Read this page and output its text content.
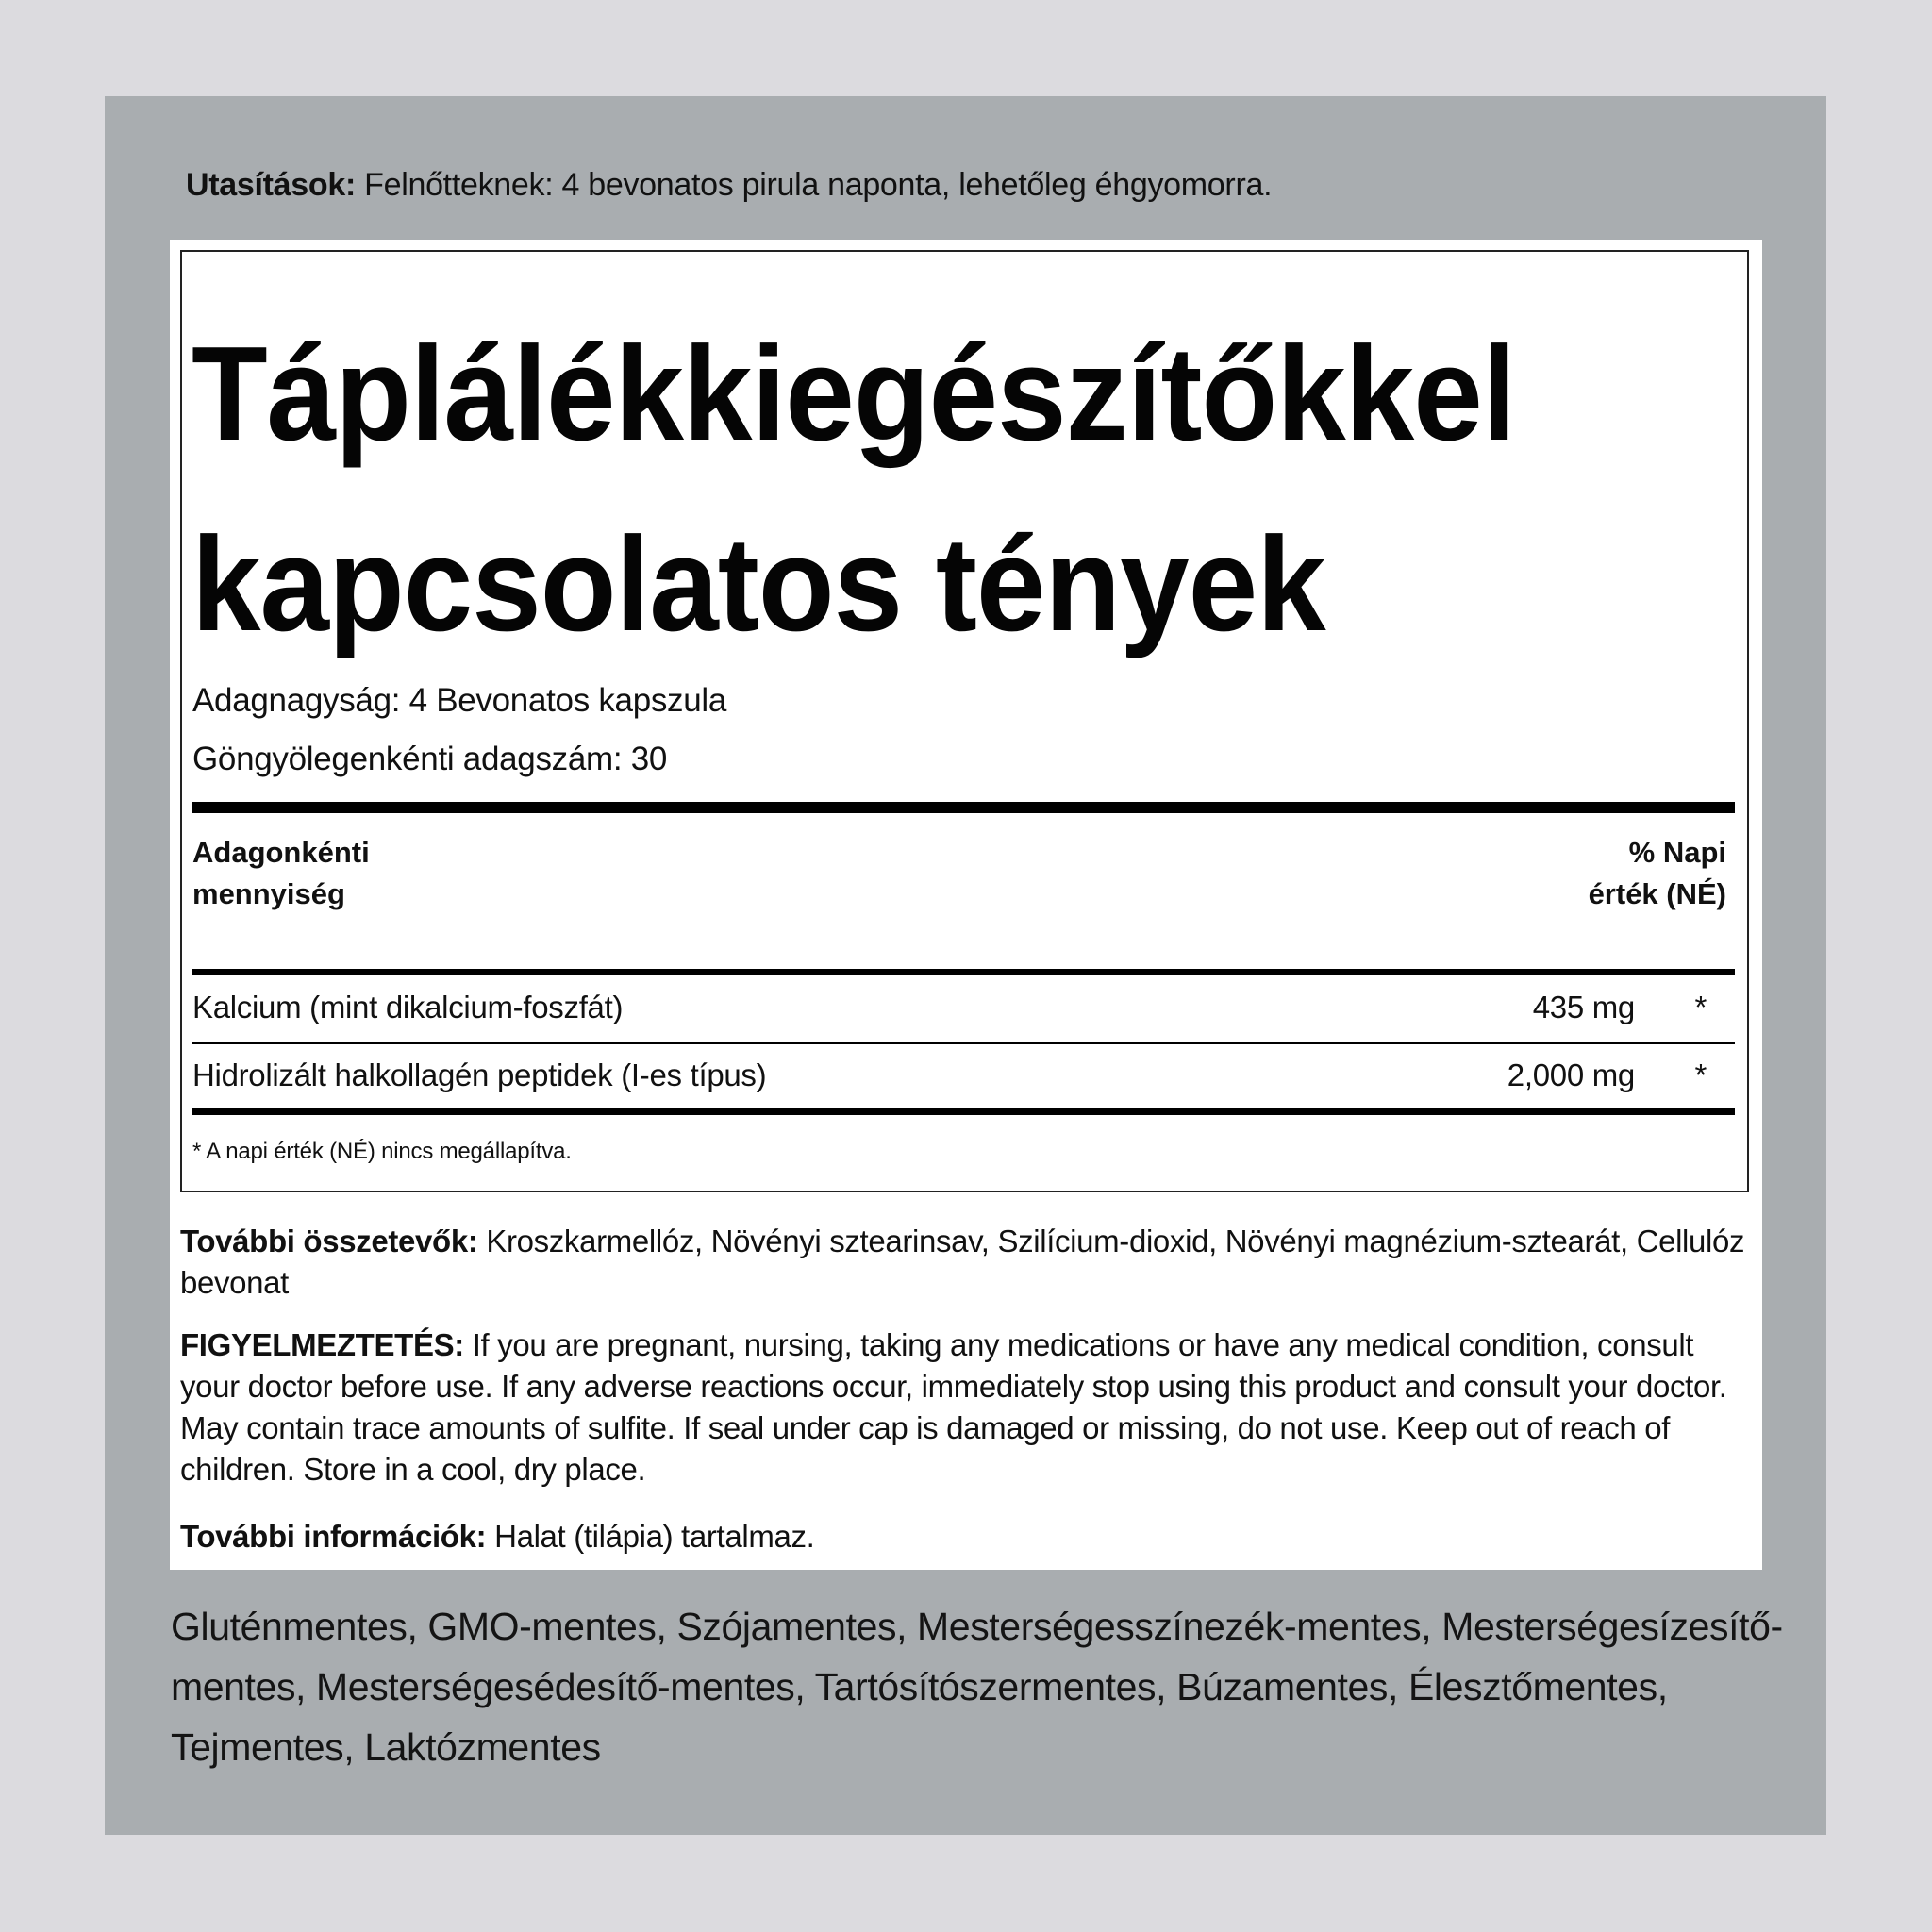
Utasítások: Felnőtteknek: 4 bevonatos pirula naponta, lehetőleg éhgyomorra.
Táplálékkiegészítőkkel
kapcsolatos tények
Adagnagyság: 4 Bevonatos kapszula
Göngyölegenkénti adagszám: 30
Adagonkénti mennyiség
% Napi érték (NÉ)
Kalcium (mint dikalcium-foszfát)	435 mg *
Hidrolizált halkollagén peptidek (I-es típus)	2,000 mg *
* A napi érték (NÉ) nincs megállapítva.
További összetevők: Kroszkarmellóz, Növényi sztearinsav, Szilícium-dioxid, Növényi magnézium-sztearát, Cellulóz bevonat
FIGYELMEZTETÉS: If you are pregnant, nursing, taking any medications or have any medical condition, consult your doctor before use. If any adverse reactions occur, immediately stop using this product and consult your doctor. May contain trace amounts of sulfite. If seal under cap is damaged or missing, do not use. Keep out of reach of children. Store in a cool, dry place.
További információk: Halat (tilápia) tartalmaz.
Gluténmentes, GMO-mentes, Szójamentes, Mesterségesszínezék-mentes, Mesterségesízesítő-mentes, Mesterségesédesítő-mentes, Tartósítószermentes, Búzamentes, Élesztőmentes, Tejmentes, Laktózmentes
